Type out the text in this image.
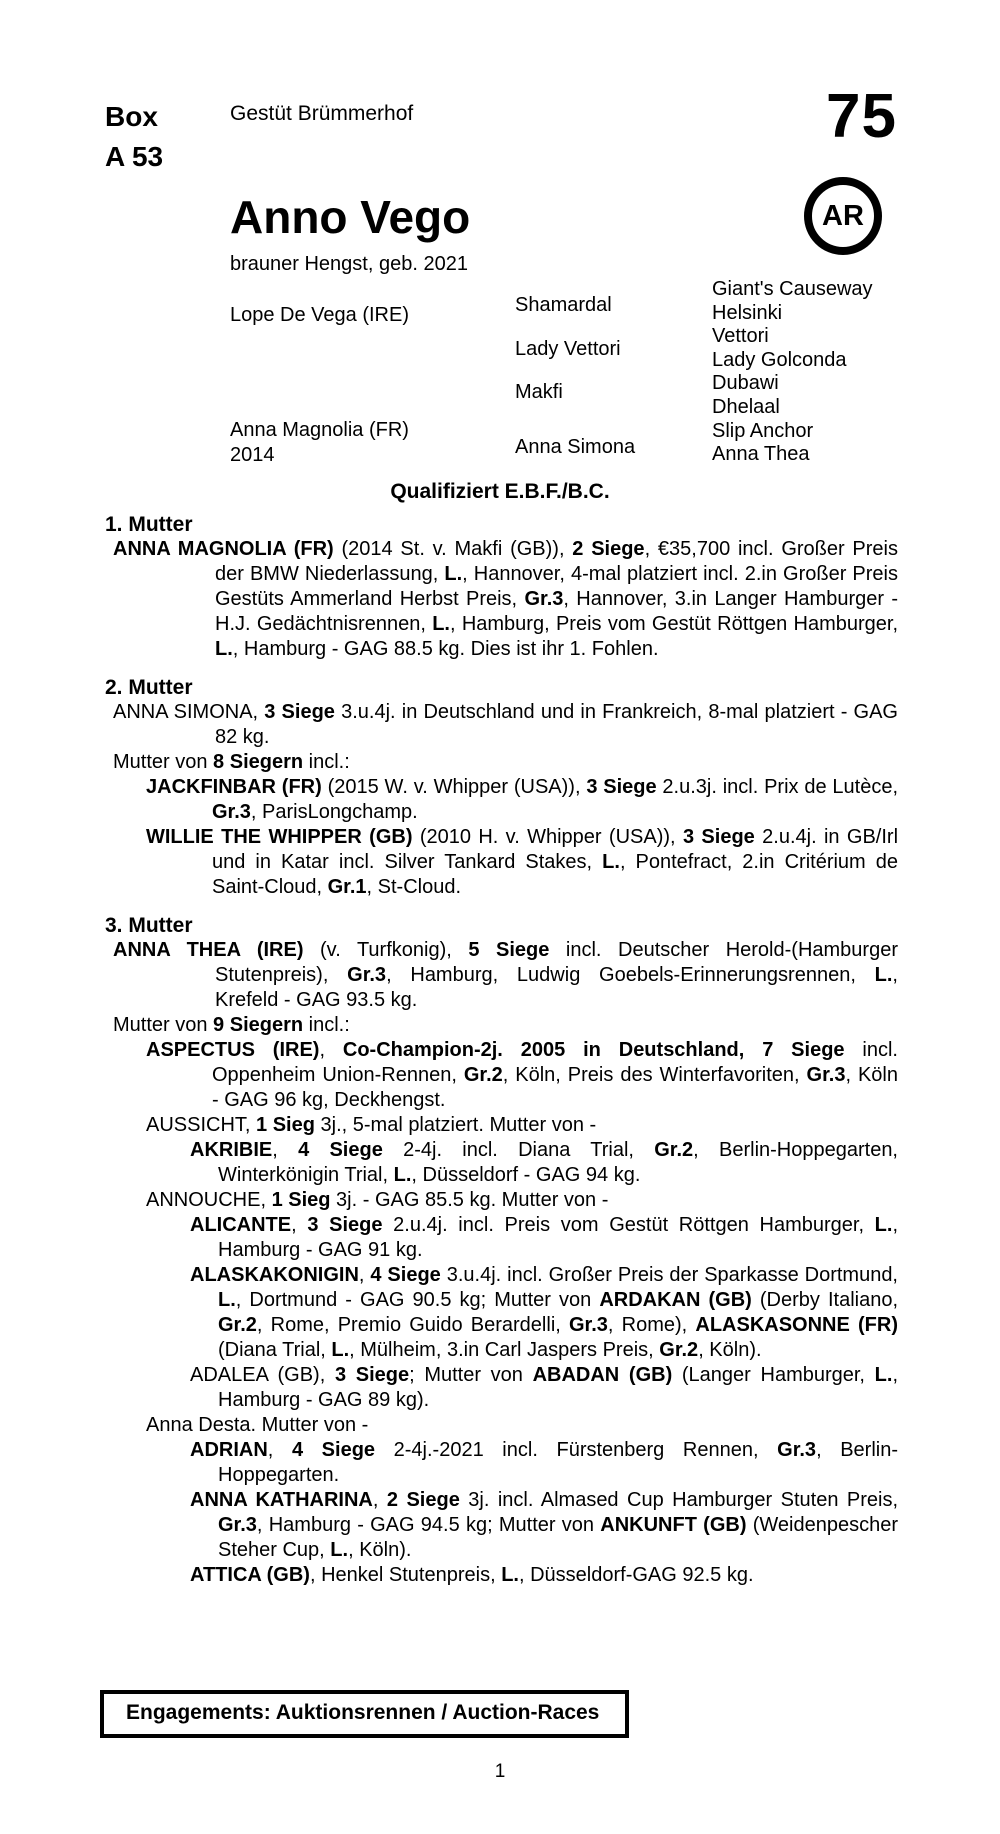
Box
A 53
Gestüt Brümmerhof	75
AR
Anno Vego
brauner Hengst, geb. 2021
Lope De Vega (IRE)
Anna Magnolia (FR)
2014
Shamardal
Lady Vettori
Makfi
Anna Simona
Giant's Causeway
Helsinki
Vettori
Lady Golconda
Dubawi
Dhelaal
Slip Anchor
Anna Thea
Qualifiziert E.B.F./B.C.
1. Mutter

ANNA MAGNOLIA (FR) (2014 St. v. Makfi (GB)), 2 Siege, €35,700 incl. Großer Preis der BMW Niederlassung, L., Hannover, 4-mal platziert incl. 2.in Großer Preis Gestüts Ammerland Herbst Preis, Gr.3, Hannover, 3.in Langer Hamburger - H.J. Gedächtnisrennen, L., Hamburg, Preis vom Gestüt Röttgen Hamburger, L., Hamburg - GAG 88.5 kg. Dies ist ihr 1. Fohlen.

2. Mutter

ANNA SIMONA, 3 Siege 3.u.4j. in Deutschland und in Frankreich, 8-mal platziert - GAG 82 kg.

Mutter von 8 Siegern incl.:

JACKFINBAR (FR) (2015 W. v. Whipper (USA)), 3 Siege 2.u.3j. incl. Prix de Lutèce, Gr.3, ParisLongchamp.

WILLIE THE WHIPPER (GB) (2010 H. v. Whipper (USA)), 3 Siege 2.u.4j. in GB/Irl und in Katar incl. Silver Tankard Stakes, L., Pontefract, 2.in Critérium de Saint-Cloud, Gr.1, St-Cloud.

3. Mutter

ANNA THEA (IRE) (v. Turfkonig), 5 Siege incl. Deutscher Herold-(Hamburger Stutenpreis), Gr.3, Hamburg, Ludwig Goebels-Erinnerungsrennen, L., Krefeld - GAG 93.5 kg.

Mutter von 9 Siegern incl.:

ASPECTUS (IRE), Co-Champion-2j. 2005 in Deutschland, 7 Siege incl. Oppenheim Union-Rennen, Gr.2, Köln, Preis des Winterfavoriten, Gr.3, Köln - GAG 96 kg, Deckhengst.

AUSSICHT, 1 Sieg 3j., 5-mal platziert. Mutter von -

AKRIBIE, 4 Siege 2-4j. incl. Diana Trial, Gr.2, Berlin-Hoppegarten, Winterkönigin Trial, L., Düsseldorf - GAG 94 kg.

ANNOUCHE, 1 Sieg 3j. - GAG 85.5 kg. Mutter von -

ALICANTE, 3 Siege 2.u.4j. incl. Preis vom Gestüt Röttgen Hamburger, L., Hamburg - GAG 91 kg.

ALASKAKONIGIN, 4 Siege 3.u.4j. incl. Großer Preis der Sparkasse Dortmund, L., Dortmund - GAG 90.5 kg; Mutter von ARDAKAN (GB) (Derby Italiano, Gr.2, Rome, Premio Guido Berardelli, Gr.3, Rome), ALASKASONNE (FR) (Diana Trial, L., Mülheim, 3.in Carl Jaspers Preis, Gr.2, Köln).

ADALEA (GB), 3 Siege; Mutter von ABADAN (GB) (Langer Hamburger, L., Hamburg - GAG 89 kg).

Anna Desta. Mutter von -

ADRIAN, 4 Siege 2-4j.-2021 incl. Fürstenberg Rennen, Gr.3, Berlin-Hoppegarten.

ANNA KATHARINA, 2 Siege 3j. incl. Almased Cup Hamburger Stuten Preis, Gr.3, Hamburg - GAG 94.5 kg; Mutter von ANKUNFT (GB) (Weidenpescher Steher Cup, L., Köln).

ATTICA (GB), Henkel Stutenpreis, L., Düsseldorf-GAG 92.5 kg.

Engagements: Auktionsrennen / Auction-Races
1
